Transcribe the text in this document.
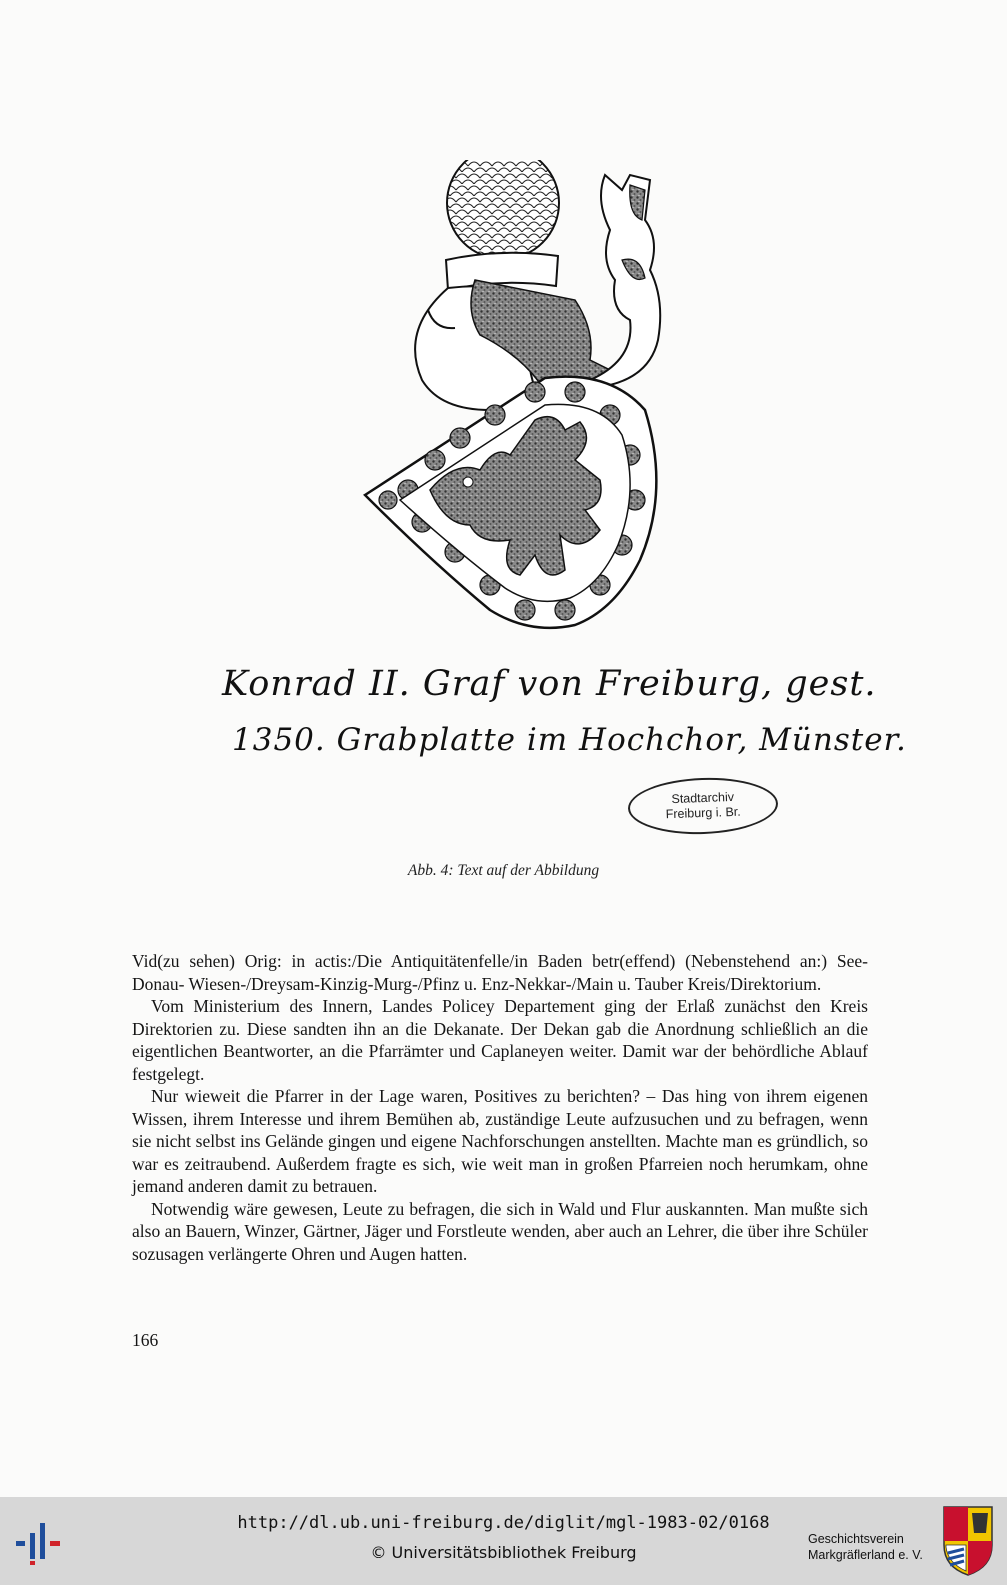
Konrad II. Graf von Freiburg, gest.
1350. Grabplatte im Hochchor, Münster.
Stadtarchiv
Freiburg i. Br.
Abb. 4: Text auf der Abbildung

Vid(zu sehen) Orig: in actis:/Die Antiquitätenfelle/in Baden betr(effend) (Nebenstehend an:) See- Donau- Wiesen-/Dreysam-Kinzig-Murg-/Pfinz u. Enz-Nekkar-/Main u. Tauber Kreis/Direktorium.

Vom Ministerium des Innern, Landes Policey Departement ging der Erlaß zunächst den Kreis Direktorien zu. Diese sandten ihn an die Dekanate. Der Dekan gab die Anordnung schließlich an die eigentlichen Beantworter, an die Pfarrämter und Caplaneyen weiter. Damit war der behördliche Ablauf festgelegt.

Nur wieweit die Pfarrer in der Lage waren, Positives zu berichten? – Das hing von ihrem eigenen Wissen, ihrem Interesse und ihrem Bemühen ab, zuständige Leute aufzusuchen und zu befragen, wenn sie nicht selbst ins Gelände gingen und eigene Nachforschungen anstellten. Machte man es gründlich, so war es zeitraubend. Außerdem fragte es sich, wie weit man in großen Pfarreien noch herumkam, ohne jemand anderen damit zu betrauen.

Notwendig wäre gewesen, Leute zu befragen, die sich in Wald und Flur auskannten. Man mußte sich also an Bauern, Winzer, Gärtner, Jäger und Forstleute wenden, aber auch an Lehrer, die über ihre Schüler sozusagen verlängerte Ohren und Augen hatten.

166
http://dl.ub.uni-freiburg.de/diglit/mgl-1983-02/0168
© Universitätsbibliothek Freiburg
Geschichtsverein
Markgräflerland e. V.
